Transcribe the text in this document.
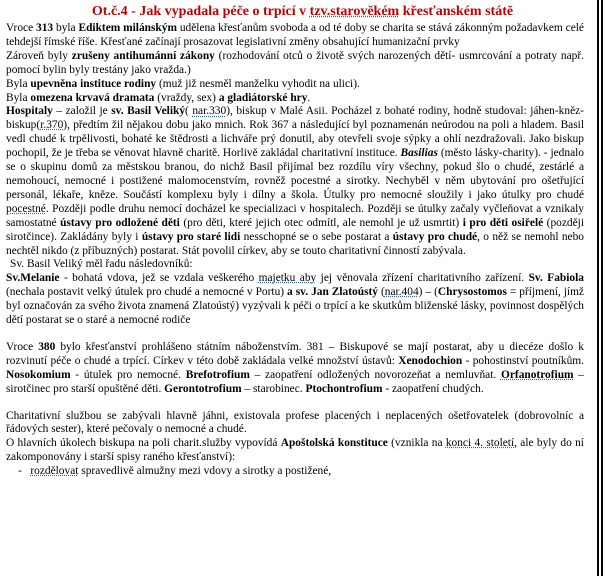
Ot.č.4 - Jak vypadala péče o trpící v tzv.starověkém křesťanském státě

Vroce 313 byla Ediktem milánským udělena křesťanům svoboda a od té doby se charita se stává zákonným požadavkem celé tehdejší římské říše. Křesťané začínají prosazovat legislativní změny obsahující humanizační prvky

Zároveň byly zrušeny antihumánní zákony (rozhodování otců o životě svých narozených dětí- usmrcování a potraty např. pomocí bylin byly trestány jako vražda.)

Byla upevněna instituce rodiny (muž již nesměl manželku vyhodit na ulici).

Byla omezena krvavá dramata (vraždy, sex) a gladiátorské hry.

Hospitaly – založil je sv. Basil Veliký( nar.330), biskup v Malé Asii. Pocházel z bohaté rodiny, hodně studoval: jáhen-kněz-biskup(r.370), předtím žil nějakou dobu jako mnich. Rok 367 a následující byl poznamenán neúrodou na poli a hladem. Basil vedl chudé k trpělivosti, bohaté ke štědrosti a lichváře prý donutil, aby otevřeli svoje sýpky a ohlí nezdražovali. Jako biskup pochopil, že je třeba se věnovat hlavně charitě. Horlivě zakládal charitativní instituce. Basilias (město lásky-charity). - jednalo se o skupinu domů za městskou branou, do nichž Basil přijímal bez rozdílu víry všechny, pokud šlo o chudé, zestárlé a nemohoucí, nemocné i postižené malomocenstvím, rovněž pocestné a sirotky. Nechyběl v něm ubytování pro ošetřující personál, lékaře, kněze. Součástí komplexu byly i dílny a škola. Útulky pro nemocné sloužily i jako útulky pro chudé pocestné. Později podle druhu nemocí docházel ke specializaci v hospitalech. Později se útulky začaly vyčleňovat a vznikaly samostatné ústavy pro odložené děti (pro děti, které jejich otec odmítl, ale nemohl je už usmrtit) i pro děti osiřelé (později sirotčince). Zakládány byly i ústavy pro staré lidi nesschopné se o sebe postarat a ústavy pro chudé, o něž se nemohl nebo nechtěl nikdo (z příbuzných) postarat. Stát povolil církev, aby se touto charitativní činností zabývala.

Sv. Basil Veliký měl řadu následovníků:

Sv.Melanie - bohatá vdova, jež se vzdala veškerého majetku aby jej věnovala zřízení charitativního zařízení. Sv. Fabiola (nechala postavit velký útulek pro chudé a nemocné v Portu) a sv. Jan Zlatoústý (nar.404) – (Chrysostomos = příjmení, jímž byl označován za svého života znamená Zlatoústý) vyzývali k péči o trpící a ke skutkům bliženské lásky, povinnost dospělých dětí postarat se o staré a nemocné rodiče

Vroce 380 bylo křesťanství prohlášeno státním náboženstvím. 381 – Biskupové se mají postarat, aby u diecéze došlo k rozvinutí péče o chudé a trpící. Církev v této době zakládala velké množství ústavů: Xenodochion - pohostinství poutníkům. Nosokomium - útulek pro nemocné. Brefotrofium – zaopatření odložených novorozeňat a nemluvňat. Orfanotrofium – sirotčinec pro starší opuštěné děti. Gerontotrofium – starobinec. Ptochontrofium - zaopatření chudých.

Charitativní službou se zabývali hlavně jáhni, existovala profese placených i neplacených ošetřovatelek (dobrovolníc a řádových sester), které pečovaly o nemocné a chudé.

O hlavních úkolech biskupa na poli charit.služby vypovídá Apoštolská konstituce (vznikla na konci 4. století, ale byly do ní zakomponovány i starší spisy raného křesťanství):

- rozdělovat spravedlivě almužny mezi vdovy a sirotky a postižené,
